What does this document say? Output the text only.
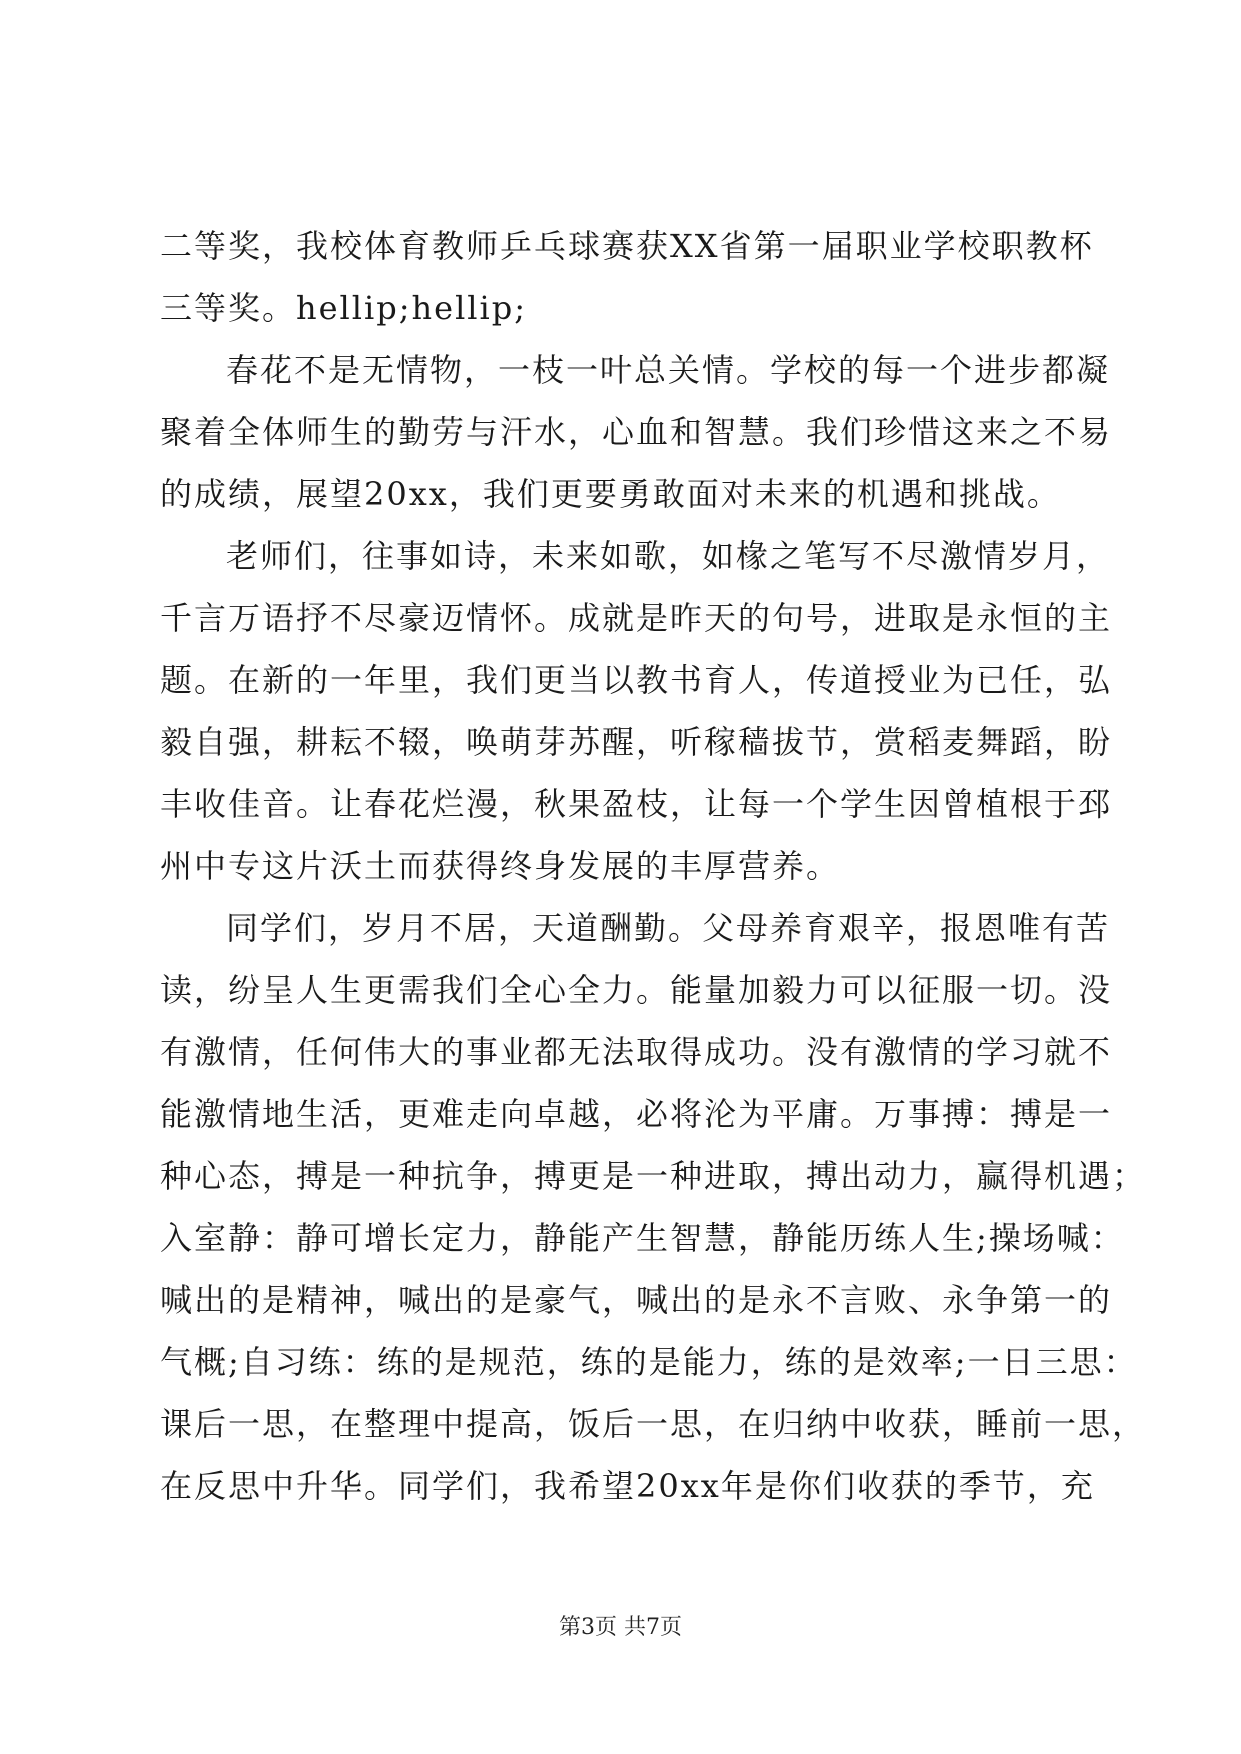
二等奖，我校体育教师乒乓球赛获XX省第一届职业学校职教杯
三等奖。hellip;hellip;
春花不是无情物，一枝一叶总关情。学校的每一个进步都凝
聚着全体师生的勤劳与汗水，心血和智慧。我们珍惜这来之不易
的成绩，展望20xx，我们更要勇敢面对未来的机遇和挑战。
老师们，往事如诗，未来如歌，如椽之笔写不尽激情岁月，
千言万语抒不尽豪迈情怀。成就是昨天的句号，进取是永恒的主
题。在新的一年里，我们更当以教书育人，传道授业为已任，弘
毅自强，耕耘不辍，唤萌芽苏醒，听稼穑拔节，赏稻麦舞蹈，盼
丰收佳音。让春花烂漫，秋果盈枝，让每一个学生因曾植根于邳
州中专这片沃土而获得终身发展的丰厚营养。
同学们，岁月不居，天道酬勤。父母养育艰辛，报恩唯有苦
读，纷呈人生更需我们全心全力。能量加毅力可以征服一切。没
有激情，任何伟大的事业都无法取得成功。没有激情的学习就不
能激情地生活，更难走向卓越，必将沦为平庸。万事搏：搏是一
种心态，搏是一种抗争，搏更是一种进取，搏出动力，赢得机遇；
入室静：静可增长定力，静能产生智慧，静能历练人生;操场喊：
喊出的是精神，喊出的是豪气，喊出的是永不言败、永争第一的
气概;自习练：练的是规范，练的是能力，练的是效率;一日三思：
课后一思，在整理中提高，饭后一思，在归纳中收获，睡前一思，
在反思中升华。同学们，我希望20xx年是你们收获的季节，充
第3页 共7页
